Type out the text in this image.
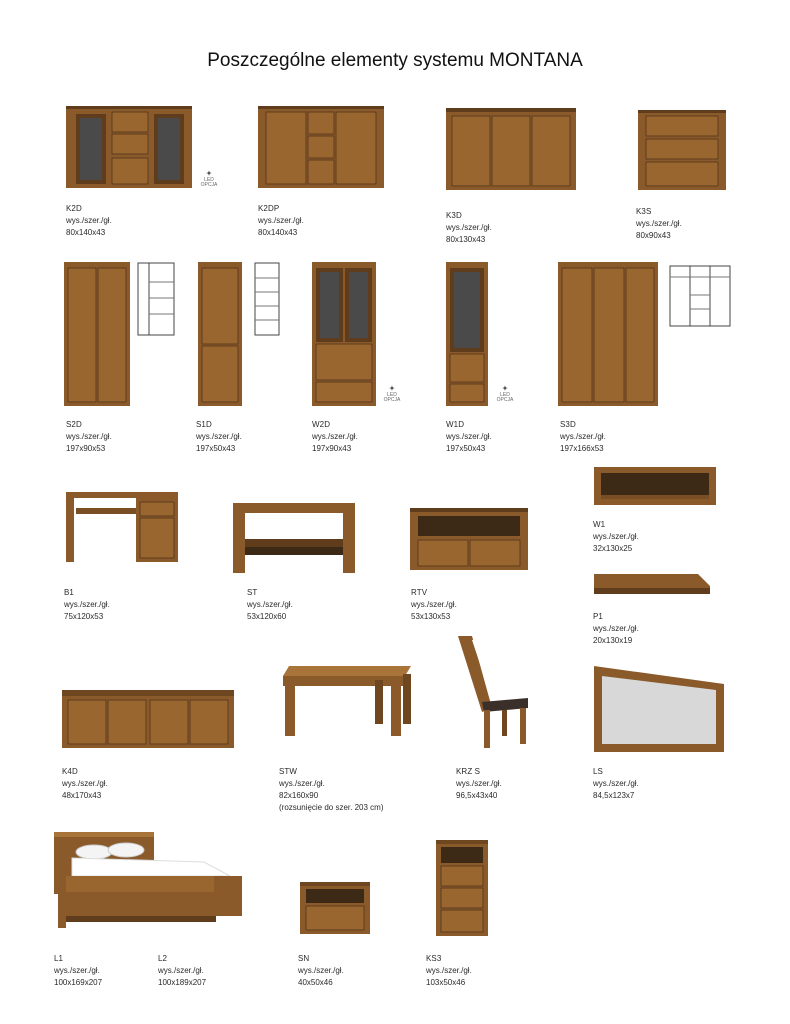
Poszczególne elementy systemu MONTANA
✦
LED
OPCJA
K2D
wys./szer./gł.
80x140x43
K2DP
wys./szer./gł.
80x140x43
K3D
wys./szer./gł.
80x130x43
K3S
wys./szer./gł.
80x90x43
S2D
wys./szer./gł.
197x90x53
S1D
wys./szer./gł.
197x50x43
✦
LED
OPCJA
W2D
wys./szer./gł.
197x90x43
✦
LED
OPCJA
W1D
wys./szer./gł.
197x50x43
S3D
wys./szer./gł.
197x166x53
B1
wys./szer./gł.
75x120x53
ST
wys./szer./gł.
53x120x60
RTV
wys./szer./gł.
53x130x53
W1
wys./szer./gł.
32x130x25
P1
wys./szer./gł.
20x130x19
K4D
wys./szer./gł.
48x170x43
STW
wys./szer./gł.
82x160x90
(rozsunięcie do szer. 203 cm)
KRZ S
wys./szer./gł.
96,5x43x40
LS
wys./szer./gł.
84,5x123x7
L1
wys./szer./gł.
100x169x207
L2
wys./szer./gł.
100x189x207
SN
wys./szer./gł.
40x50x46
KS3
wys./szer./gł.
103x50x46
